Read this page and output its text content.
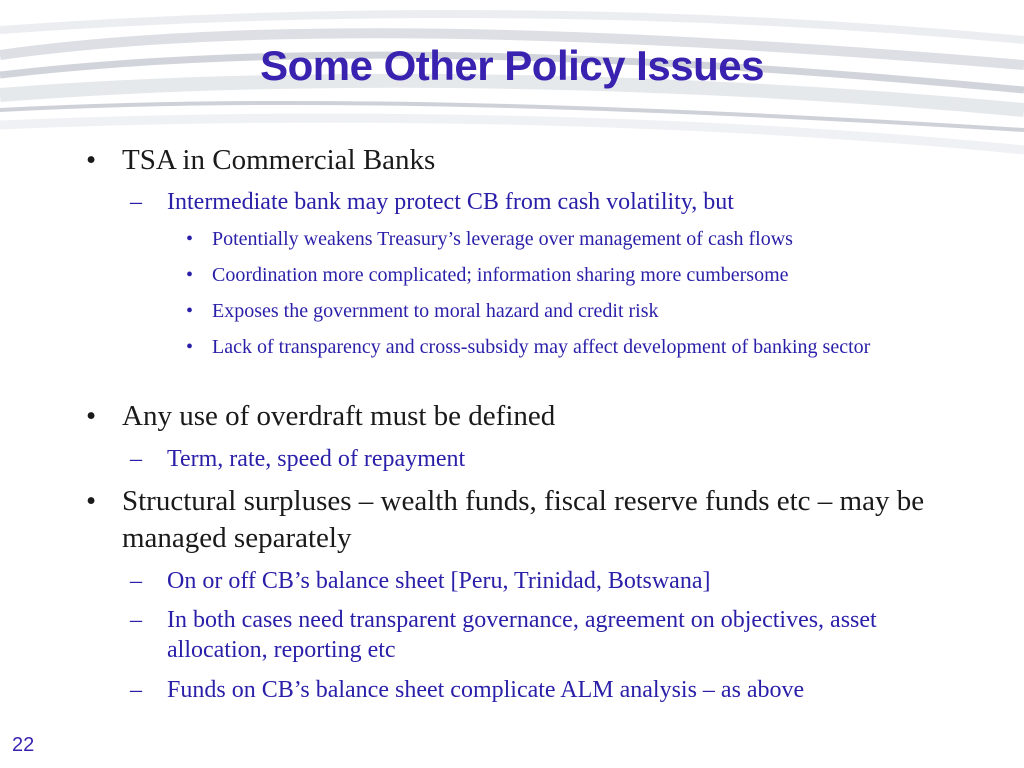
Some Other Policy Issues
• TSA in Commercial Banks
– Intermediate bank may protect CB from cash volatility, but
• Potentially weakens Treasury’s leverage over management of cash flows
• Coordination more complicated; information sharing more cumbersome
• Exposes the government to moral hazard and credit risk
• Lack of transparency and cross-subsidy may affect development of banking sector
• Any use of overdraft must be defined
– Term, rate, speed of repayment
• Structural surpluses – wealth funds, fiscal reserve funds etc – may be managed separately
– On or off CB’s balance sheet [Peru, Trinidad, Botswana]
– In both cases need transparent governance, agreement on objectives, asset allocation, reporting etc
– Funds on CB’s balance sheet complicate ALM analysis – as above
22
